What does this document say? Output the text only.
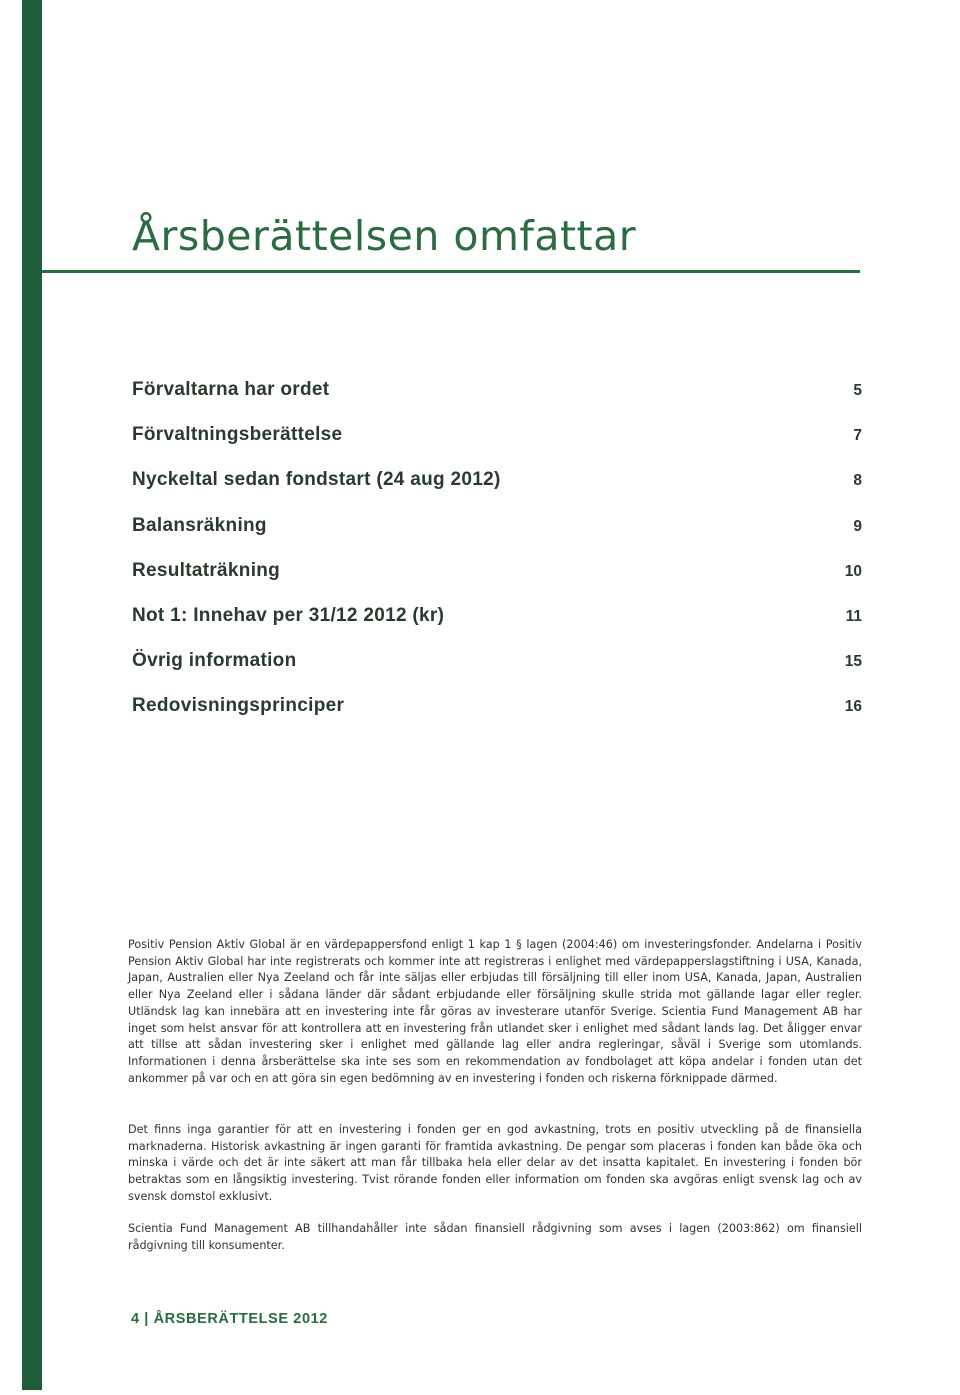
Årsberättelsen omfattar
Förvaltarna har ordet	5
Förvaltningsberättelse	7
Nyckeltal sedan fondstart (24 aug 2012)	8
Balansräkning	9
Resultaträkning	10
Not 1: Innehav per 31/12 2012 (kr)	11
Övrig information	15
Redovisningsprinciper	16

Positiv Pension Aktiv Global är en värdepappersfond enligt 1 kap 1 § lagen (2004:46) om investeringsfonder. Andelarna i Positiv Pension Aktiv Global har inte registrerats och kommer inte att registreras i enlighet med värdepapperslagstiftning i USA, Kanada, Japan, Australien eller Nya Zeeland och får inte säljas eller erbjudas till försäljning till eller inom USA, Kanada, Japan, Australien eller Nya Zeeland eller i sådana länder där sådant erbjudande eller försäljning skulle strida mot gällande lagar eller regler. Utländsk lag kan innebära att en investering inte får göras av investerare utanför Sverige. Scientia Fund Management AB har inget som helst ansvar för att kontrollera att en investering från utlandet sker i enlighet med sådant lands lag. Det åligger envar att tillse att sådan investering sker i enlighet med gällande lag eller andra regleringar, såväl i Sverige som utomlands. Informationen i denna årsberättelse ska inte ses som en rekommendation av fondbolaget att köpa andelar i fonden utan det ankommer på var och en att göra sin egen bedömning av en investering i fonden och riskerna förknippade därmed.

Det finns inga garantier för att en investering i fonden ger en god avkastning, trots en positiv utveckling på de finansiella marknaderna. Historisk avkastning är ingen garanti för framtida avkastning. De pengar som placeras i fonden kan både öka och minska i värde och det är inte säkert att man får tillbaka hela eller delar av det insatta kapitalet. En investering i fonden bör betraktas som en långsiktig investering. Tvist rörande fonden eller information om fonden ska avgöras enligt svensk lag och av svensk domstol exklusivt.

Scientia Fund Management AB tillhandahåller inte sådan finansiell rådgivning som avses i lagen (2003:862) om finansiell rådgivning till konsumenter.

4 | ÅRSBERÄTTELSE 2012
